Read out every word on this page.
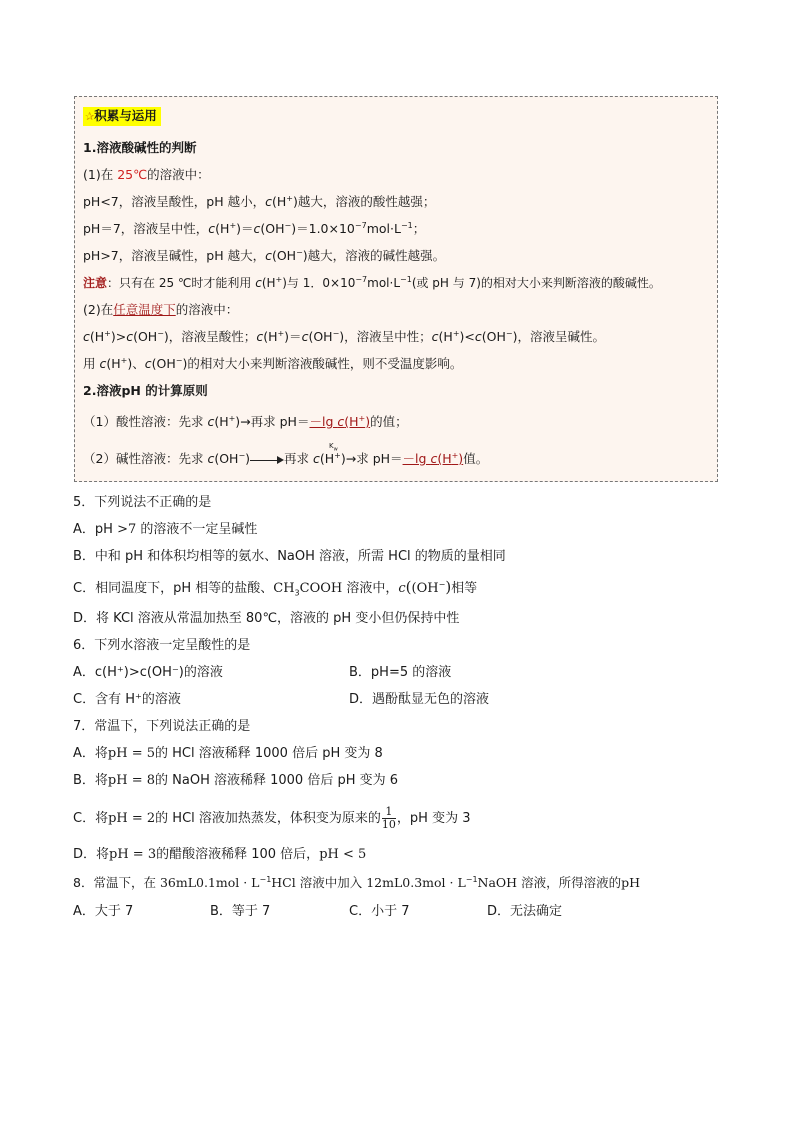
✰积累与运用
1.溶液酸碱性的判断
(1)在 25℃的溶液中：
pH<7，溶液呈酸性，pH 越小，c(H+)越大，溶液的酸性越强；
pH＝7，溶液呈中性，$c(H^+)=c(OH^-)=1.0\times 10^{-7}mol\cdot L^{-1}$；
pH>7，溶液呈碱性，pH 越大，c(OH−)越大，溶液的碱性越强。
注意：只有在 25 ℃时才能利用 c(H+)与 1．$0\times 10^{-7}mol\cdot L^{-1}$(或 pH 与 7)的相对大小来判断溶液的酸碱性。
(2)在任意温度下的溶液中：
c(H+)>c(OH−)，溶液呈酸性；c(H+)＝c(OH−)，溶液呈中性；c(H+)<c(OH−)，溶液呈碱性。
用 c(H+)、c(OH−)的相对大小来判断溶液酸碱性，则不受温度影响。
2.溶液pH 的计算原则
（1）酸性溶液：先求 c(H+)→再求 pH＝－lg c(H+)的值；
$K_w$
（2）碱性溶液：先求 c(OH−)	再求 c(H+)→求 pH＝－lg c(H+)值。
5．下列说法不正确的是
A．pH >7 的溶液不一定呈碱性
B．中和 pH 和体积均相等的氨水、NaOH 溶液，所需 HCl 的物质的量相同
C．相同温度下，pH 相等的盐酸、$CH_3COOH$ 溶液中，c((OH−)相等
D．将 KCl 溶液从常温加热至 80℃，溶液的 pH 变小但仍保持中性
6．下列水溶液一定呈酸性的是
A．c(H⁺)>c(OH⁻)的溶液	B．pH=5 的溶液
C．含有 H⁺的溶液	D．遇酚酞显无色的溶液
7．常温下，下列说法正确的是
A．将pH = 5的 HCl 溶液稀释 1000 倍后 pH 变为 8
B．将pH = 8的 NaOH 溶液稀释 1000 倍后 pH 变为 6
C．将pH = 2的 HCl 溶液加热蒸发，体积变为原来的 $\frac{1}{10}$ ，pH 变为 3
D．将pH = 3的醋酸溶液稀释 100 倍后，pH < 5
8．常温下，在 $36mL0.1mol \cdot L^{-1}HCl$ 溶液中加入 $12mL0.3mol \cdot L^{-1}NaOH$ 溶液，所得溶液的pH
A．大于 7	B．等于 7	C．小于 7	D．无法确定
